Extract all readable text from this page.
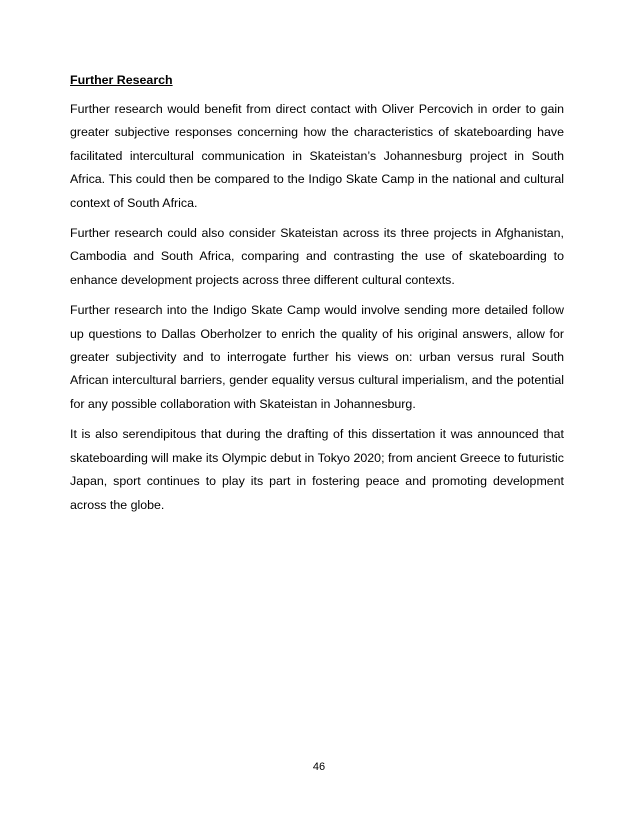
Further Research

Further research would benefit from direct contact with Oliver Percovich in order to gain greater subjective responses concerning how the characteristics of skateboarding have facilitated intercultural communication in Skateistan’s Johannesburg project in South Africa. This could then be compared to the Indigo Skate Camp in the national and cultural context of South Africa.

Further research could also consider Skateistan across its three projects in Afghanistan, Cambodia and South Africa, comparing and contrasting the use of skateboarding to enhance development projects across three different cultural contexts.

Further research into the Indigo Skate Camp would involve sending more detailed follow up questions to Dallas Oberholzer to enrich the quality of his original answers, allow for greater subjectivity and to interrogate further his views on: urban versus rural South African intercultural barriers, gender equality versus cultural imperialism, and the potential for any possible collaboration with Skateistan in Johannesburg.

It is also serendipitous that during the drafting of this dissertation it was announced that skateboarding will make its Olympic debut in Tokyo 2020; from ancient Greece to futuristic Japan, sport continues to play its part in fostering peace and promoting development across the globe.

46
